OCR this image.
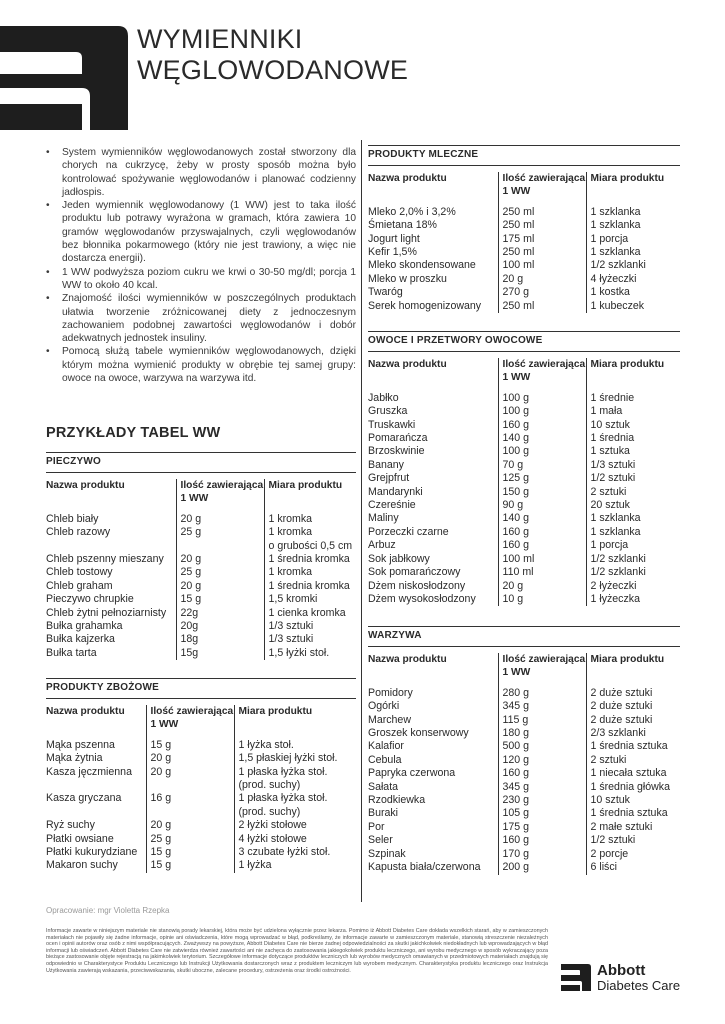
WYMIENNIKI
WĘGLOWODANOWE
• System wymienników węglowodanowych został stworzony dla chorych na cukrzycę, żeby w prosty sposób można było kontrolować spożywanie węglowodanów i planować codzienny jadłospis.
• Jeden wymiennik węglowodanowy (1 WW) jest to taka ilość produktu lub potrawy wyrażona w gramach, która zawiera 10 gramów węglowodanów przyswajalnych, czyli węglowodanów bez błonnika pokarmowego (który nie jest trawiony, a więc nie dostarcza energii).
• 1 WW podwyższa poziom cukru we krwi o 30-50 mg/dl; porcja 1 WW to około 40 kcal.
• Znajomość ilości wymienników w poszczególnych produktach ułatwia tworzenie zróżnicowanej diety z jednoczesnym zachowaniem podobnej zawartości węglowodanów i dobór adekwatnych jednostek insuliny.
• Pomocą służą tabele wymienników węglowodanowych, dzięki którym można wymienić produkty w obrębie tej samej grupy: owoce na owoce, warzywa na warzywa itd.
PRZYKŁADY TABEL WW
PIECZYWO
Nazwa produktu	Ilość zawierająca 1 WW	Miara produktu
Chleb biały	20 g	1 kromka
Chleb razowy	25 g	1 kromka
		o grubości 0,5 cm
Chleb pszenny mieszany	20 g	1 średnia kromka
Chleb tostowy	25 g	1 kromka
Chleb graham	20 g	1 średnia kromka
Pieczywo chrupkie	15 g	1,5 kromki
Chleb żytni pełnoziarnisty	22g	1 cienka kromka
Bułka grahamka	20g	1/3 sztuki
Bułka kajzerka	18g	1/3 sztuki
Bułka tarta	15g	1,5 łyżki stoł.
PRODUKTY ZBOŻOWE
Nazwa produktu	Ilość zawierająca 1 WW	Miara produktu
Mąka pszenna	15 g	1 łyżka stoł.
Mąka żytnia	20 g	1,5 płaskiej łyżki stoł.
Kasza jęczmienna	20 g	1 płaska łyżka stoł.
		(prod. suchy)
Kasza gryczana	16 g	1 płaska łyżka stoł.
		(prod. suchy)
Ryż suchy	20 g	2 łyżki stołowe
Płatki owsiane	25 g	4 łyżki stołowe
Płatki kukurydziane	15 g	3 czubate łyżki stoł.
Makaron suchy	15 g	1 łyżka
PRODUKTY MLECZNE
Nazwa produktu	Ilość zawierająca 1 WW	Miara produktu
Mleko 2,0% i 3,2%	250 ml	1 szklanka
Śmietana 18%	250 ml	1 szklanka
Jogurt light	175 ml	1 porcja
Kefir 1,5%	250 ml	1 szklanka
Mleko skondensowane	100 ml	1/2 szklanki
Mleko w proszku	20 g	4 łyżeczki
Twaróg	270 g	1 kostka
Serek homogenizowany	250 ml	1 kubeczek
OWOCE I PRZETWORY OWOCOWE
Nazwa produktu	Ilość zawierająca 1 WW	Miara produktu
Jabłko	100 g	1 średnie
Gruszka	100 g	1 mała
Truskawki	160 g	10 sztuk
Pomarańcza	140 g	1 średnia
Brzoskwinie	100 g	1 sztuka
Banany	70 g	1/3 sztuki
Grejpfrut	125 g	1/2 sztuki
Mandarynki	150 g	2 sztuki
Czereśnie	90 g	20 sztuk
Maliny	140 g	1 szklanka
Porzeczki czarne	160 g	1 szklanka
Arbuz	160 g	1 porcja
Sok jabłkowy	100 ml	1/2 szklanki
Sok pomarańczowy	110 ml	1/2 szklanki
Dżem niskosłodzony	20 g	2 łyżeczki
Dżem wysokosłodzony	10 g	1 łyżeczka
WARZYWA
Nazwa produktu	Ilość zawierająca 1 WW	Miara produktu
Pomidory	280 g	2 duże sztuki
Ogórki	345 g	2 duże sztuki
Marchew	115 g	2 duże sztuki
Groszek konserwowy	180 g	2/3 szklanki
Kalafior	500 g	1 średnia sztuka
Cebula	120 g	2 sztuki
Papryka czerwona	160 g	1 niecała sztuka
Sałata	345 g	1 średnia główka
Rzodkiewka	230 g	10 sztuk
Buraki	105 g	1 średnia sztuka
Por	175 g	2 małe sztuki
Seler	160 g	1/2 sztuki
Szpinak	170 g	2 porcje
Kapusta biała/czerwona	200 g	6 liści
Opracowanie: mgr Violetta Rzepka
Informacje zawarte w niniejszym materiale nie stanowią porady lekarskiej, która może być udzielona wyłącznie przez lekarza. Pomimo iż Abbott Diabetes Care dokłada wszelkich starań, aby w zamieszczonych materiałach nie pojawiły się żadne informacje, opinie ani oświadczenia, które mogą wprowadzać w błąd, podkreślamy, że informacje zawarte w zamieszczonym materiale, stanowią streszczenie niezależnych ocen i opinii autorów oraz osób z nimi współpracujących. Zważywszy na powyższe, Abbott Diabetes Care nie bierze żadnej odpowiedzialności za skutki jakichkolwiek niedokładnych lub wprowadzających w błąd informacji lub oświadczeń. Abbott Diabetes Care nie zatwierdza również zawartości ani nie zachęca do zastosowania jakiegokolwiek produktu leczniczego, ani wyrobu medycznego w sposób wykraczający poza bieżące zastosowanie objęte rejestracją na jakimkolwiek terytorium. Szczegółowe informacje dotyczące produktów leczniczych lub wyrobów medycznych omawianych w przedmiotowych materiałach znajdują się odpowiednio w Charakterystyce Produktu Leczniczego lub Instrukcji Użytkowania dostarczonych wraz z produktem leczniczym lub wyrobem medycznym. Charakterystyka produktu leczniczego oraz Instrukcja Użytkowania zawierają wskazania, przeciwwskazania, skutki uboczne, zalecane procedury, ostrzeżenia oraz środki ostrożności.	Abbott
Diabetes Care
